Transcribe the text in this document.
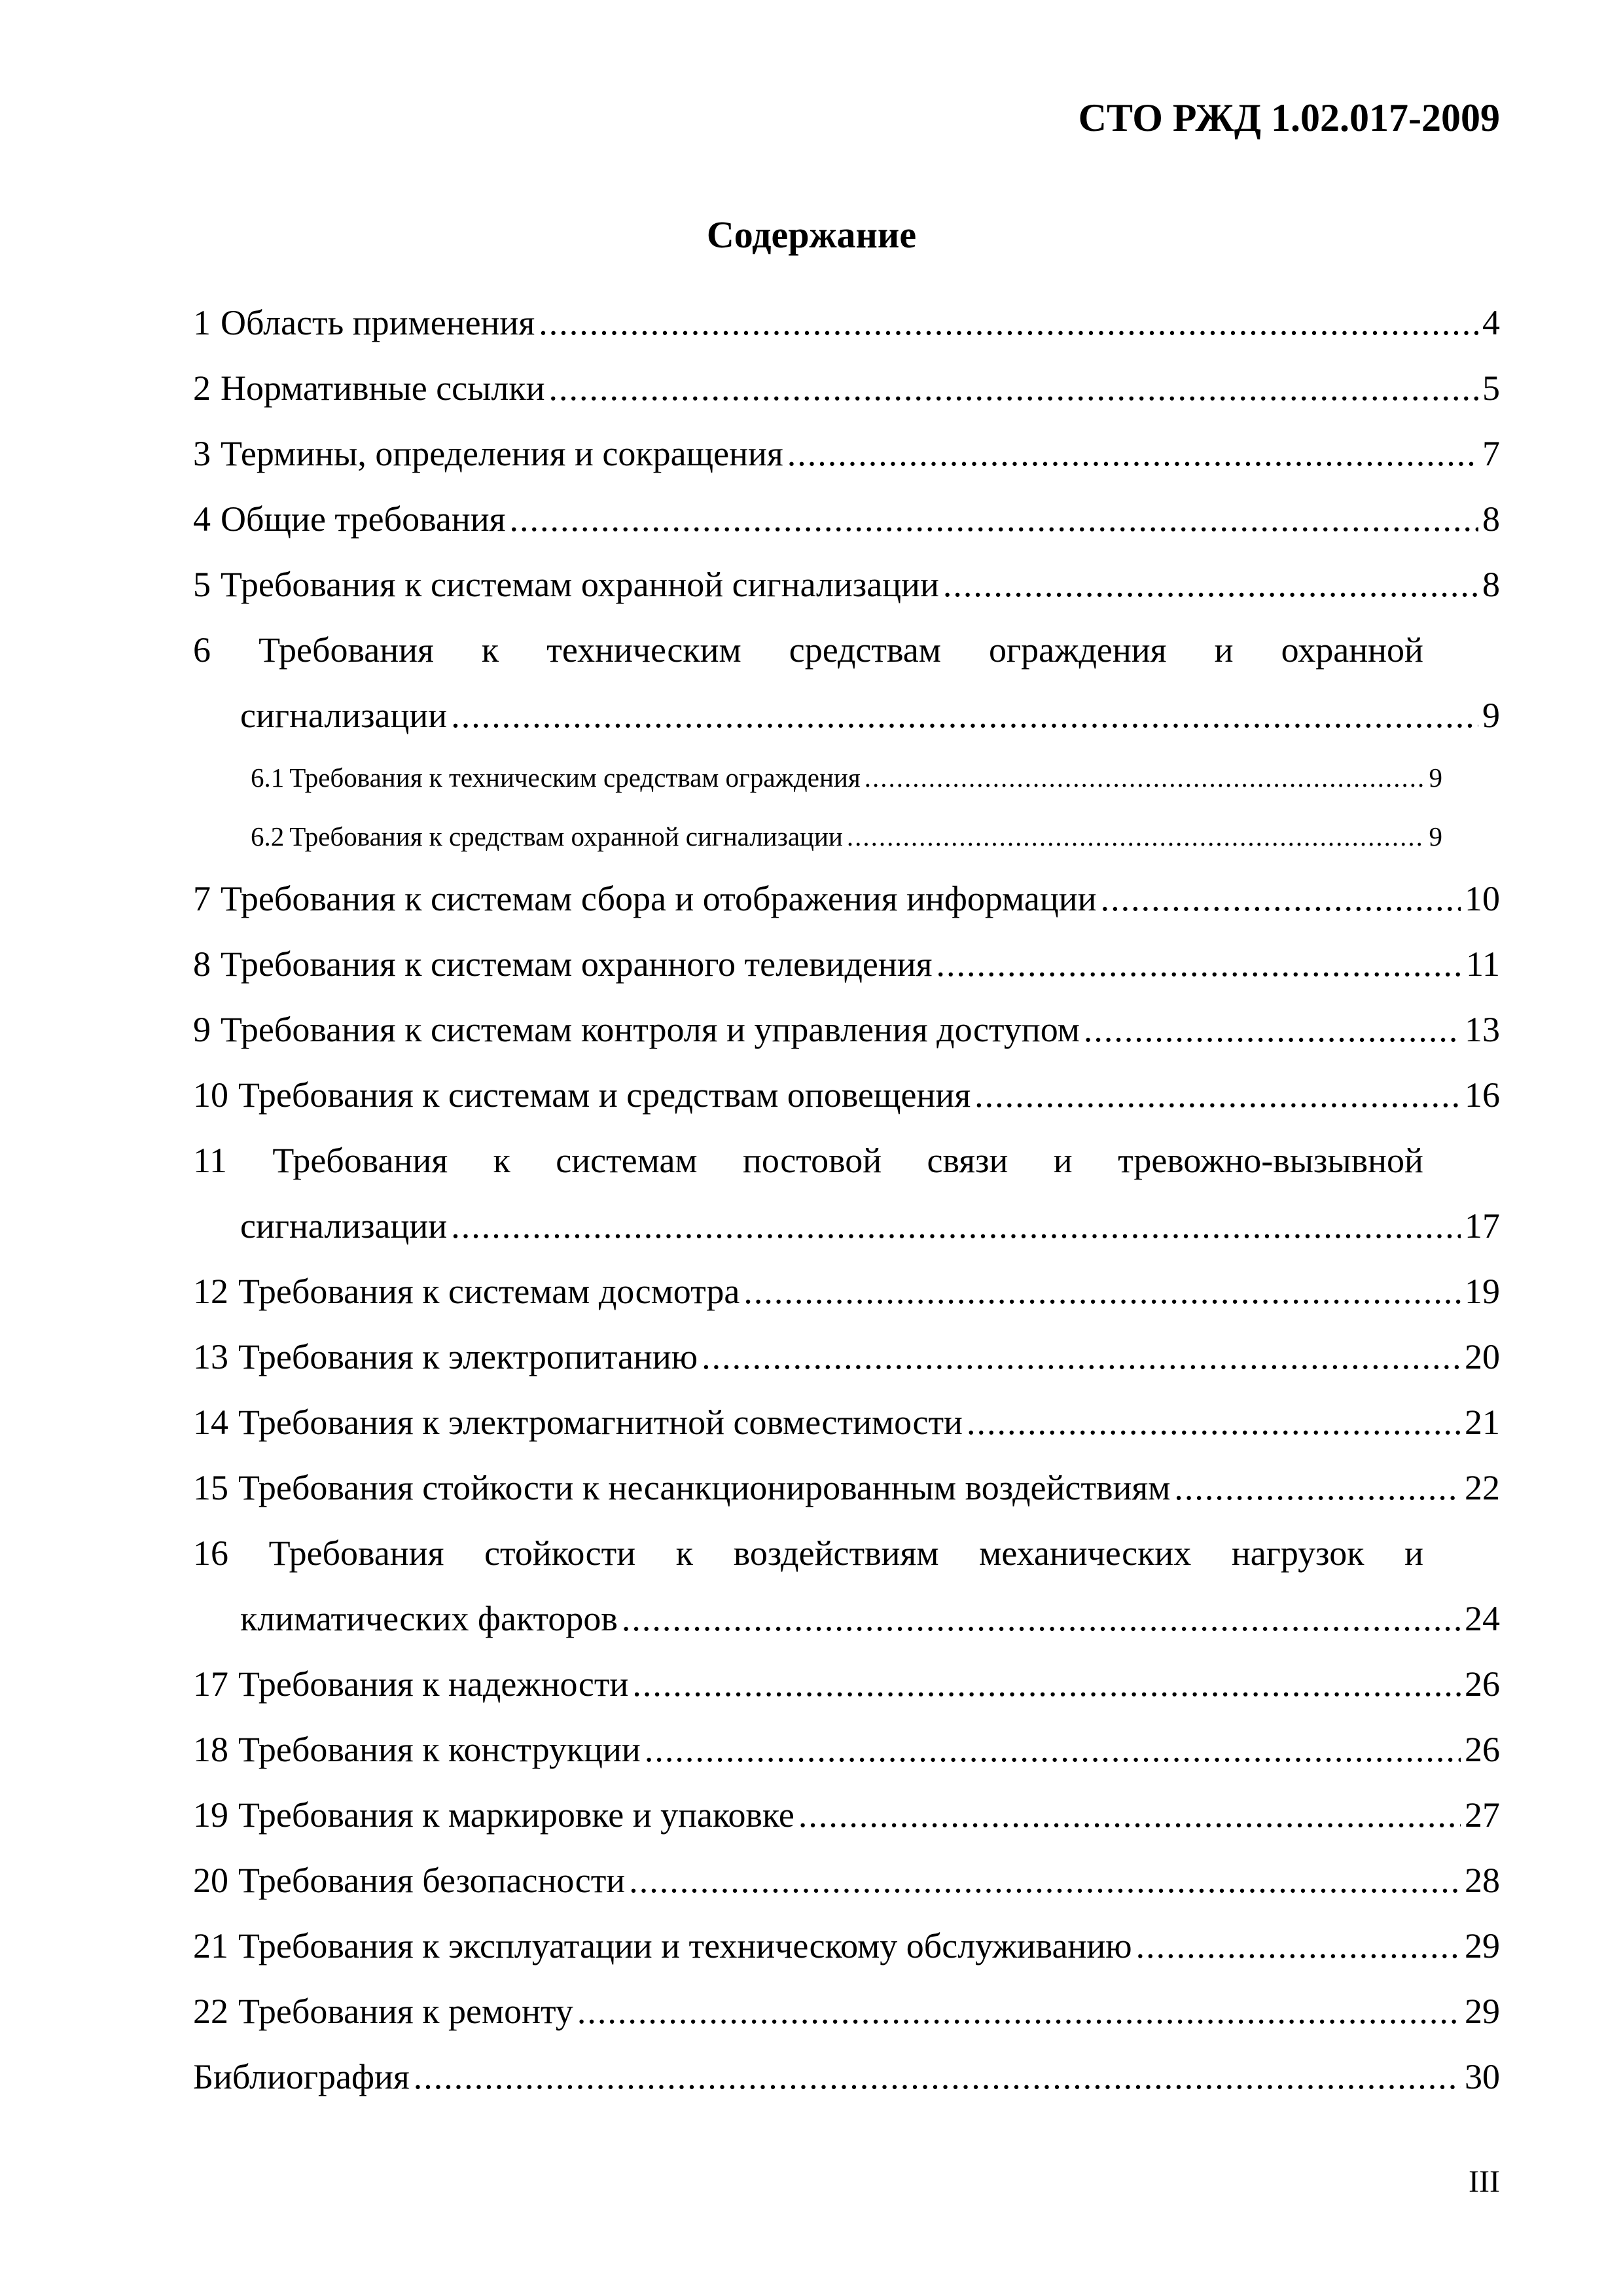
СТО РЖД 1.02.017-2009
Содержание
1 Область применения .....	4
2 Нормативные ссылки .....	5
3 Термины, определения и сокращения .....	7
4 Общие требования .....	8
5 Требования к системам охранной сигнализации .....	8
6 Требования к техническим средствам ограждения и охранной
сигнализации .....	9
6.1 Требования к техническим средствам ограждения .....	9
6.2 Требования к средствам охранной сигнализации .....	9
7 Требования к системам сбора и отображения информации .....	10
8 Требования к системам охранного телевидения .....	11
9 Требования к системам контроля и управления доступом .....	13
10 Требования к системам и средствам оповещения .....	16
11 Требования к системам постовой связи и тревожно-вызывной
сигнализации .....	17
12 Требования к системам досмотра .....	19
13 Требования к электропитанию .....	20
14 Требования к электромагнитной совместимости .....	21
15 Требования стойкости к несанкционированным воздействиям .....	22
16 Требования стойкости к воздействиям механических нагрузок и
климатических факторов .....	24
17 Требования к надежности .....	26
18 Требования к конструкции .....	26
19 Требования к маркировке и упаковке .....	27
20 Требования безопасности .....	28
21 Требования к эксплуатации и техническому обслуживанию .....	29
22 Требования к ремонту .....	29
Библиография .....	30
III
